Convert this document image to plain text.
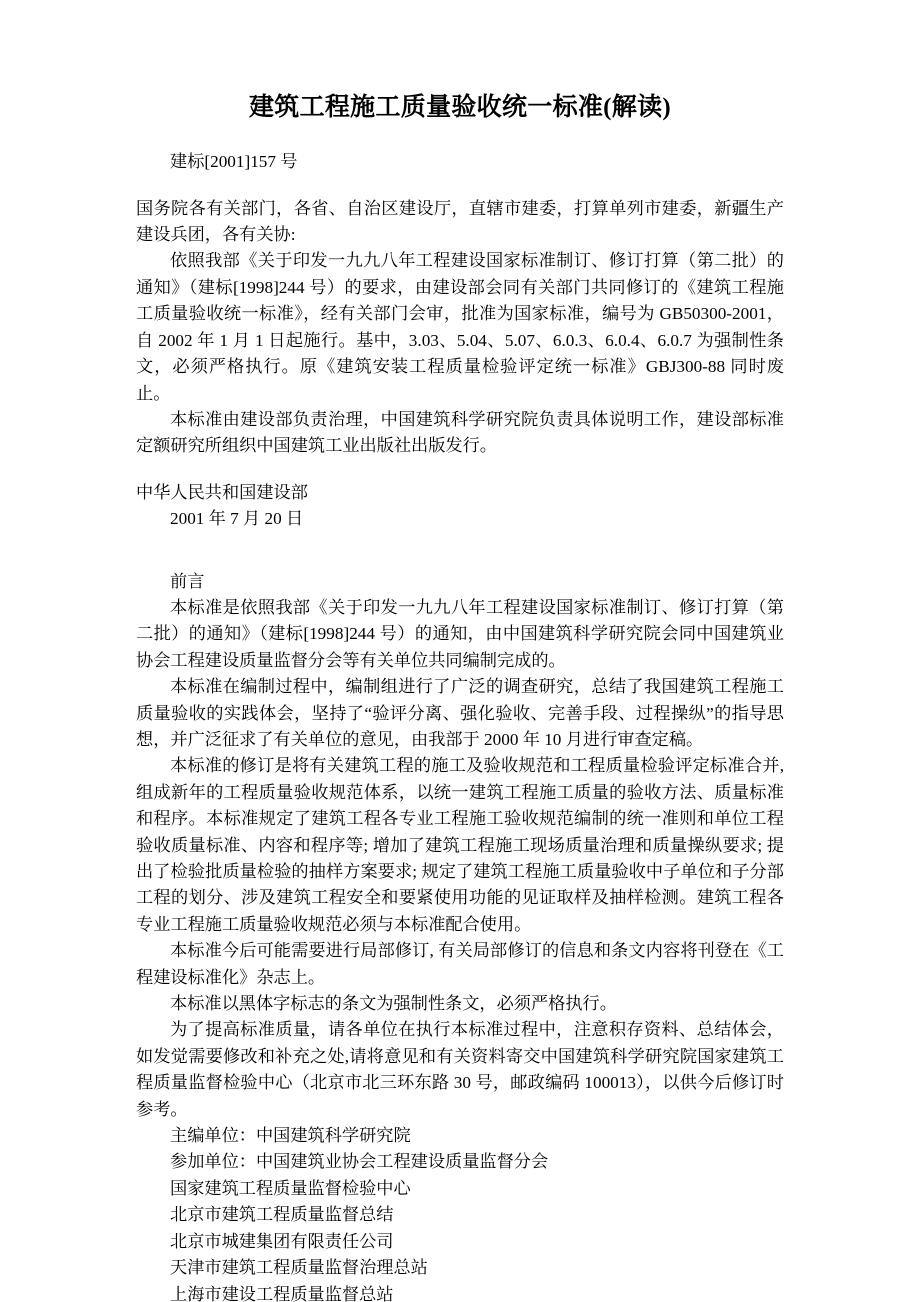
建筑工程施工质量验收统一标准(解读)

建标[2001]157 号

国务院各有关部门，各省、自治区建设厅，直辖市建委，打算单列市建委，新疆生产建设兵团，各有关协:

依照我部《关于印发一九九八年工程建设国家标准制订、修订打算（第二批）的通知》（建标[1998]244 号）的要求，由建设部会同有关部门共同修订的《建筑工程施工质量验收统一标准》，经有关部门会审，批准为国家标准，编号为 GB50300-2001，自 2002 年 1 月 1 日起施行。基中，3.03、5.04、5.07、6.0.3、6.0.4、6.0.7 为强制性条文，必须严格执行。原《建筑安装工程质量检验评定统一标准》GBJ300-88 同时废止。

本标准由建设部负责治理，中国建筑科学研究院负责具体说明工作，建设部标准定额研究所组织中国建筑工业出版社出版发行。

中华人民共和国建设部

2001 年 7 月 20 日

前言

本标准是依照我部《关于印发一九九八年工程建设国家标准制订、修订打算（第二批）的通知》（建标[1998]244 号）的通知，由中国建筑科学研究院会同中国建筑业协会工程建设质量监督分会等有关单位共同编制完成的。

本标准在编制过程中，编制组进行了广泛的调查研究，总结了我国建筑工程施工质量验收的实践体会，坚持了“验评分离、强化验收、完善手段、过程操纵”的指导思想，并广泛征求了有关单位的意见，由我部于 2000 年 10 月进行审查定稿。

本标准的修订是将有关建筑工程的施工及验收规范和工程质量检验评定标准合并,组成新年的工程质量验收规范体系，以统一建筑工程施工质量的验收方法、质量标准和程序。本标准规定了建筑工程各专业工程施工验收规范编制的统一准则和单位工程验收质量标准、内容和程序等; 增加了建筑工程施工现场质量治理和质量操纵要求; 提出了检验批质量检验的抽样方案要求; 规定了建筑工程施工质量验收中子单位和子分部工程的划分、涉及建筑工程安全和要紧使用功能的见证取样及抽样检测。建筑工程各专业工程施工质量验收规范必须与本标准配合使用。

本标准今后可能需要进行局部修订, 有关局部修订的信息和条文内容将刊登在《工程建设标准化》杂志上。

本标准以黑体字标志的条文为强制性条文，必须严格执行。

为了提高标准质量，请各单位在执行本标准过程中，注意积存资料、总结体会，如发觉需要修改和补充之处,请将意见和有关资料寄交中国建筑科学研究院国家建筑工程质量监督检验中心（北京市北三环东路 30 号，邮政编码 100013），以供今后修订时参考。

主编单位：中国建筑科学研究院

参加单位：中国建筑业协会工程建设质量监督分会

国家建筑工程质量监督检验中心

北京市建筑工程质量监督总结

北京市城建集团有限责任公司

天津市建筑工程质量监督治理总站

上海市建设工程质量监督总站
